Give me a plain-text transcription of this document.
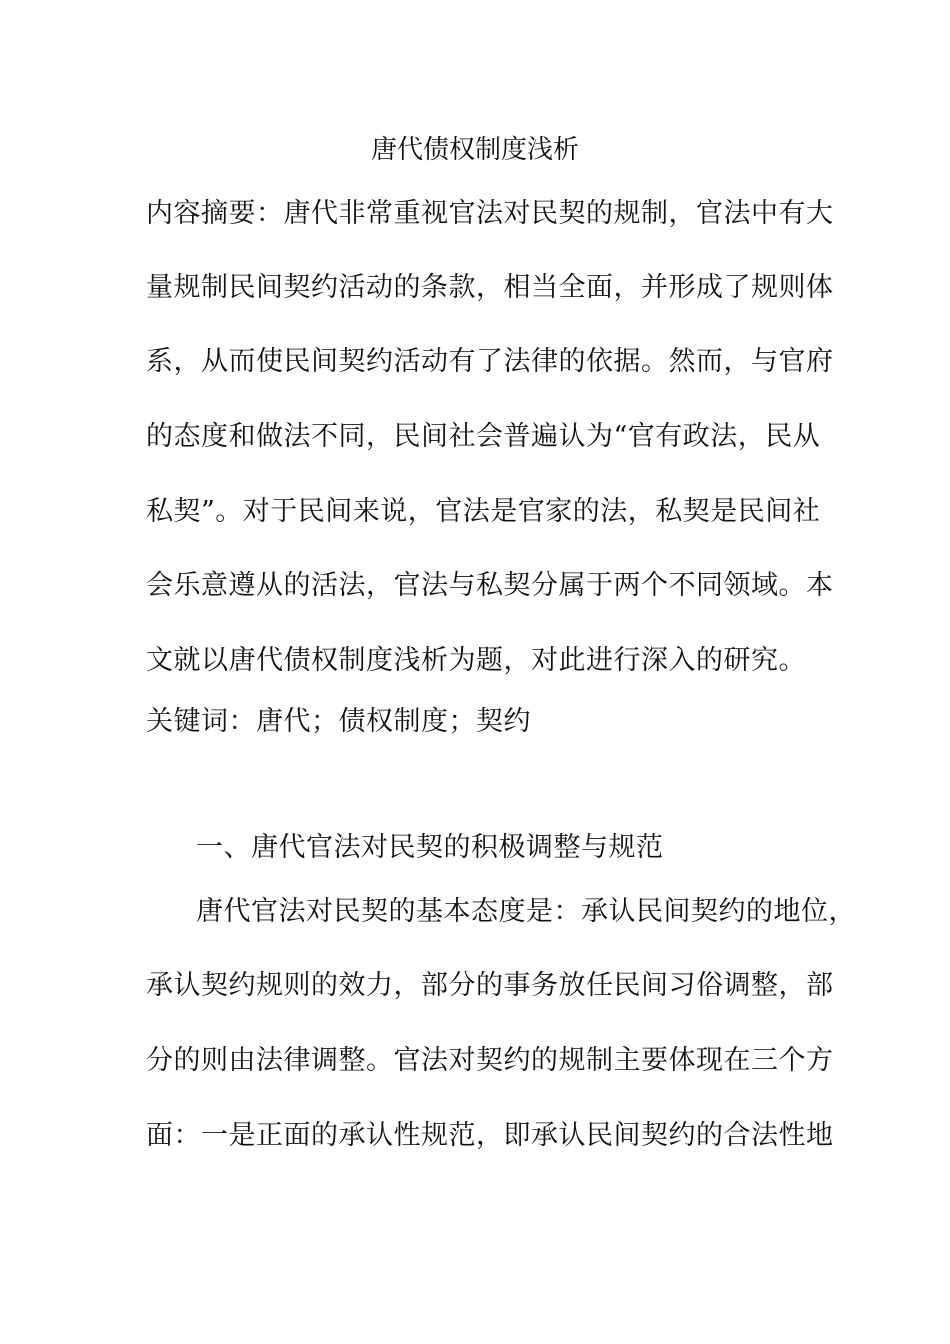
唐代债权制度浅析
内容摘要：唐代非常重视官法对民契的规制，官法中有大
量规制民间契约活动的条款，相当全面，并形成了规则体
系，从而使民间契约活动有了法律的依据。然而，与官府
的态度和做法不同，民间社会普遍认为“官有政法，民从
私契”。对于民间来说，官法是官家的法，私契是民间社
会乐意遵从的活法，官法与私契分属于两个不同领域。本
文就以唐代债权制度浅析为题，对此进行深入的研究。
关键词：唐代；债权制度；契约
一、唐代官法对民契的积极调整与规范
唐代官法对民契的基本态度是：承认民间契约的地位，
承认契约规则的效力，部分的事务放任民间习俗调整，部
分的则由法律调整。官法对契约的规制主要体现在三个方
面：一是正面的承认性规范，即承认民间契约的合法性地
